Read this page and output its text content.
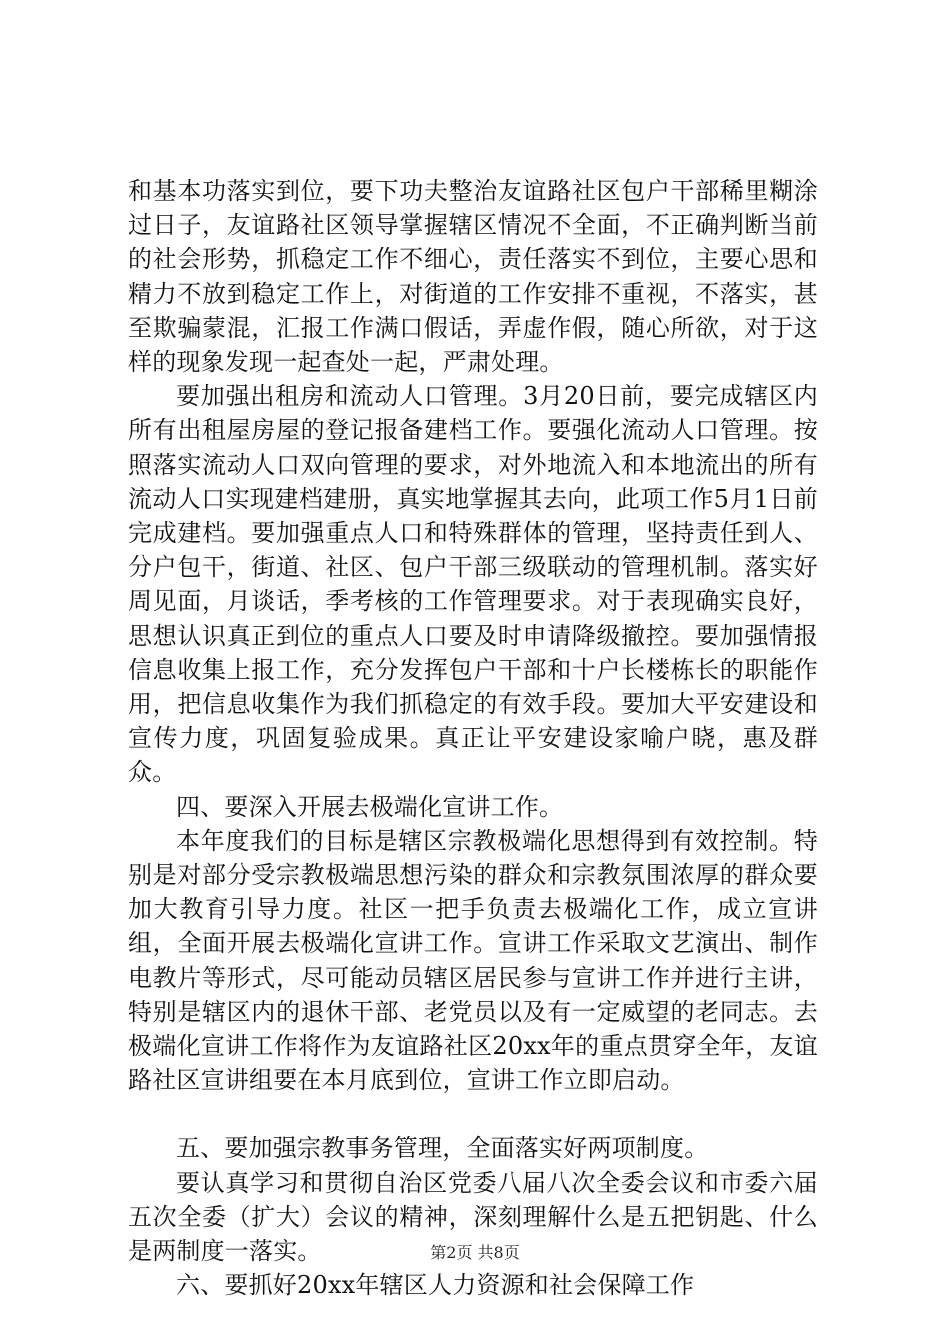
和基本功落实到位，要下功夫整治友谊路社区包户干部稀里糊涂过日子，友谊路社区领导掌握辖区情况不全面，不正确判断当前的社会形势，抓稳定工作不细心，责任落实不到位，主要心思和精力不放到稳定工作上，对街道的工作安排不重视，不落实，甚至欺骗蒙混，汇报工作满口假话，弄虚作假，随心所欲，对于这样的现象发现一起查处一起，严肃处理。

要加强出租房和流动人口管理。3月20日前，要完成辖区内所有出租屋房屋的登记报备建档工作。要强化流动人口管理。按照落实流动人口双向管理的要求，对外地流入和本地流出的所有流动人口实现建档建册，真实地掌握其去向，此项工作5月1日前完成建档。要加强重点人口和特殊群体的管理，坚持责任到人、分户包干，街道、社区、包户干部三级联动的管理机制。落实好周见面，月谈话，季考核的工作管理要求。对于表现确实良好，思想认识真正到位的重点人口要及时申请降级撤控。要加强情报信息收集上报工作，充分发挥包户干部和十户长楼栋长的职能作用，把信息收集作为我们抓稳定的有效手段。要加大平安建设和宣传力度，巩固复验成果。真正让平安建设家喻户晓，惠及群众。

四、要深入开展去极端化宣讲工作。

本年度我们的目标是辖区宗教极端化思想得到有效控制。特别是对部分受宗教极端思想污染的群众和宗教氛围浓厚的群众要加大教育引导力度。社区一把手负责去极端化工作，成立宣讲组，全面开展去极端化宣讲工作。宣讲工作采取文艺演出、制作电教片等形式，尽可能动员辖区居民参与宣讲工作并进行主讲，特别是辖区内的退休干部、老党员以及有一定威望的老同志。去极端化宣讲工作将作为友谊路社区20xx年的重点贯穿全年，友谊路社区宣讲组要在本月底到位，宣讲工作立即启动。

五、要加强宗教事务管理，全面落实好两项制度。

要认真学习和贯彻自治区党委八届八次全委会议和市委六届五次全委（扩大）会议的精神，深刻理解什么是五把钥匙、什么是两制度一落实。

六、要抓好20xx年辖区人力资源和社会保障工作

第2页 共8页
